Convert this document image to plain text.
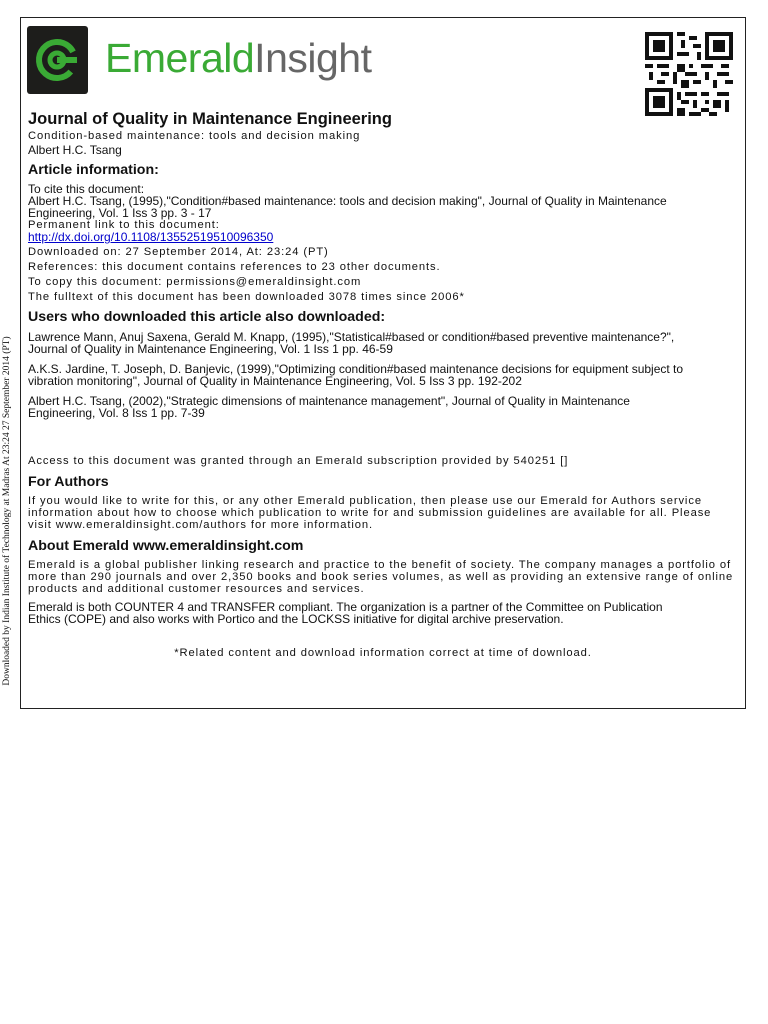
Downloaded by Indian Institute of Technology at Madras At 23:24 27 September 2014 (PT)
EmeraldInsight
Journal of Quality in Maintenance Engineering
Condition-based maintenance: tools and decision making
Albert H.C. Tsang
Article information:
To cite this document:
Albert H.C. Tsang, (1995),"Condition#based maintenance: tools and decision making", Journal of Quality in Maintenance
Engineering, Vol. 1 Iss 3 pp. 3 - 17
Permanent link to this document:
http://dx.doi.org/10.1108/13552519510096350
Downloaded on: 27 September 2014, At: 23:24 (PT)
References: this document contains references to 23 other documents.
To copy this document: permissions@emeraldinsight.com
The fulltext of this document has been downloaded 3078 times since 2006*
Users who downloaded this article also downloaded:
Lawrence Mann, Anuj Saxena, Gerald M. Knapp, (1995),"Statistical#based or condition#based preventive maintenance?",
Journal of Quality in Maintenance Engineering, Vol. 1 Iss 1 pp. 46-59
A.K.S. Jardine, T. Joseph, D. Banjevic, (1999),"Optimizing condition#based maintenance decisions for equipment subject to
vibration monitoring", Journal of Quality in Maintenance Engineering, Vol. 5 Iss 3 pp. 192-202
Albert H.C. Tsang, (2002),"Strategic dimensions of maintenance management", Journal of Quality in Maintenance
Engineering, Vol. 8 Iss 1 pp. 7-39
Access to this document was granted through an Emerald subscription provided by 540251 []
For Authors
If you would like to write for this, or any other Emerald publication, then please use our Emerald for Authors service
information about how to choose which publication to write for and submission guidelines are available for all. Please
visit www.emeraldinsight.com/authors for more information.
About Emerald www.emeraldinsight.com
Emerald is a global publisher linking research and practice to the benefit of society. The company manages a portfolio of
more than 290 journals and over 2,350 books and book series volumes, as well as providing an extensive range of online
products and additional customer resources and services.
Emerald is both COUNTER 4 and TRANSFER compliant. The organization is a partner of the Committee on Publication
Ethics (COPE) and also works with Portico and the LOCKSS initiative for digital archive preservation.
*Related content and download information correct at time of download.
